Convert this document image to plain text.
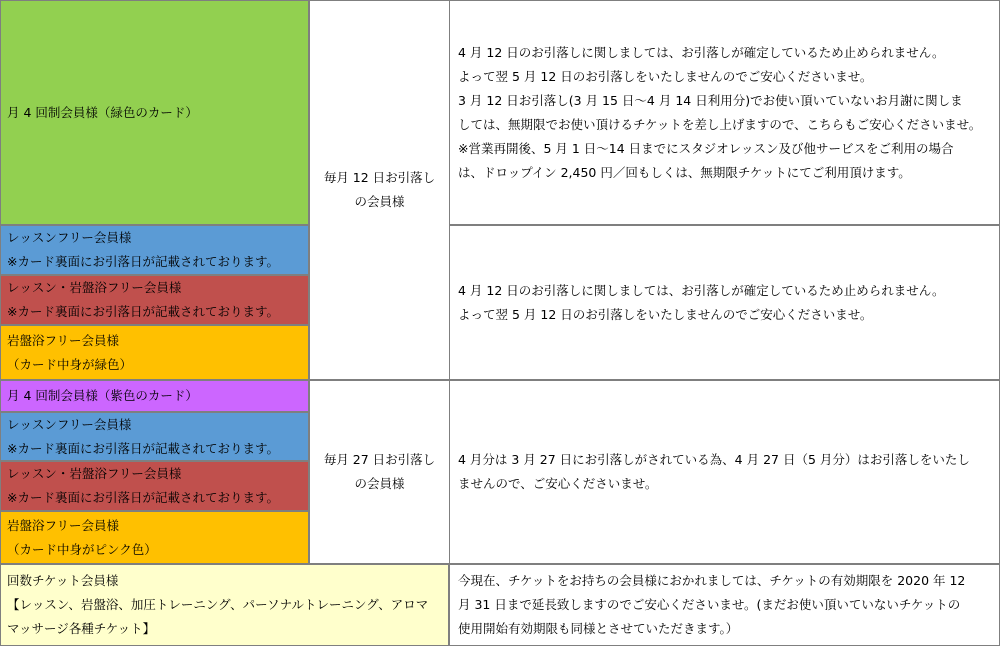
月 4 回制会員様（緑色のカード）
レッスンフリー会員様
※カード裏面にお引落日が記載されております。
レッスン・岩盤浴フリー会員様
※カード裏面にお引落日が記載されております。
岩盤浴フリー会員様
（カード中身が緑色）
月 4 回制会員様（紫色のカード）
レッスンフリー会員様
※カード裏面にお引落日が記載されております。
レッスン・岩盤浴フリー会員様
※カード裏面にお引落日が記載されております。
岩盤浴フリー会員様
（カード中身がピンク色）
回数チケット会員様
【レッスン、岩盤浴、加圧トレーニング、パーソナルトレーニング、アロマ
マッサージ各種チケット】
毎月 12 日お引落し
の会員様
毎月 27 日お引落し
の会員様
4 月 12 日のお引落しに関しましては、お引落しが確定しているため止められません。
よって翌 5 月 12 日のお引落しをいたしませんのでご安心くださいませ。
3 月 12 日お引落し(3 月 15 日～4 月 14 日利用分)でお使い頂いていないお月謝に関しま
しては、無期限でお使い頂けるチケットを差し上げますので、こちらもご安心くださいませ。
※営業再開後、5 月 1 日～14 日までにスタジオレッスン及び他サービスをご利用の場合
は、ドロップイン 2,450 円／回もしくは、無期限チケットにてご利用頂けます。
4 月 12 日のお引落しに関しましては、お引落しが確定しているため止められません。
よって翌 5 月 12 日のお引落しをいたしませんのでご安心くださいませ。
4 月分は 3 月 27 日にお引落しがされている為、4 月 27 日（5 月分）はお引落しをいたし
ませんので、ご安心くださいませ。
今現在、チケットをお持ちの会員様におかれましては、チケットの有効期限を 2020 年 12
月 31 日まで延長致しますのでご安心くださいませ。(まだお使い頂いていないチケットの
使用開始有効期限も同様とさせていただきます。）
